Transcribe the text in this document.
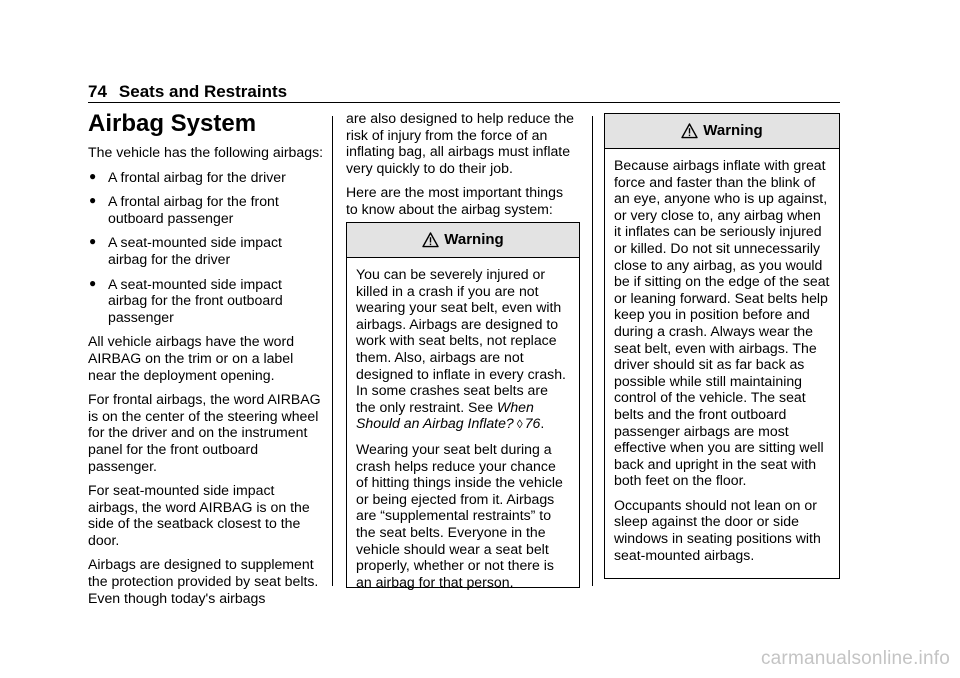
74 Seats and Restraints
Airbag System

The vehicle has the following airbags:

● A frontal airbag for the driver
● A frontal airbag for the front outboard passenger
● A seat-mounted side impact airbag for the driver
● A seat-mounted side impact airbag for the front outboard passenger

All vehicle airbags have the word AIRBAG on the trim or on a label near the deployment opening.

For frontal airbags, the word AIRBAG is on the center of the steering wheel for the driver and on the instrument panel for the front outboard passenger.

For seat-mounted side impact airbags, the word AIRBAG is on the side of the seatback closest to the door.

Airbags are designed to supplement the protection provided by seat belts. Even though today's airbags

are also designed to help reduce the risk of injury from the force of an inflating bag, all airbags must inflate very quickly to do their job.

Here are the most important things to know about the airbag system:

Warning

You can be severely injured or killed in a crash if you are not wearing your seat belt, even with airbags. Airbags are designed to work with seat belts, not replace them. Also, airbags are not designed to inflate in every crash. In some crashes seat belts are the only restraint. See When Should an Airbag Inflate? ◊ 76.

Wearing your seat belt during a crash helps reduce your chance of hitting things inside the vehicle or being ejected from it. Airbags are “supplemental restraints” to the seat belts. Everyone in the vehicle should wear a seat belt properly, whether or not there is an airbag for that person.

Warning

Because airbags inflate with great force and faster than the blink of an eye, anyone who is up against, or very close to, any airbag when it inflates can be seriously injured or killed. Do not sit unnecessarily close to any airbag, as you would be if sitting on the edge of the seat or leaning forward. Seat belts help keep you in position before and during a crash. Always wear the seat belt, even with airbags. The driver should sit as far back as possible while still maintaining control of the vehicle. The seat belts and the front outboard passenger airbags are most effective when you are sitting well back and upright in the seat with both feet on the floor.

Occupants should not lean on or sleep against the door or side windows in seating positions with seat-mounted airbags.

carmanualsonline.info
